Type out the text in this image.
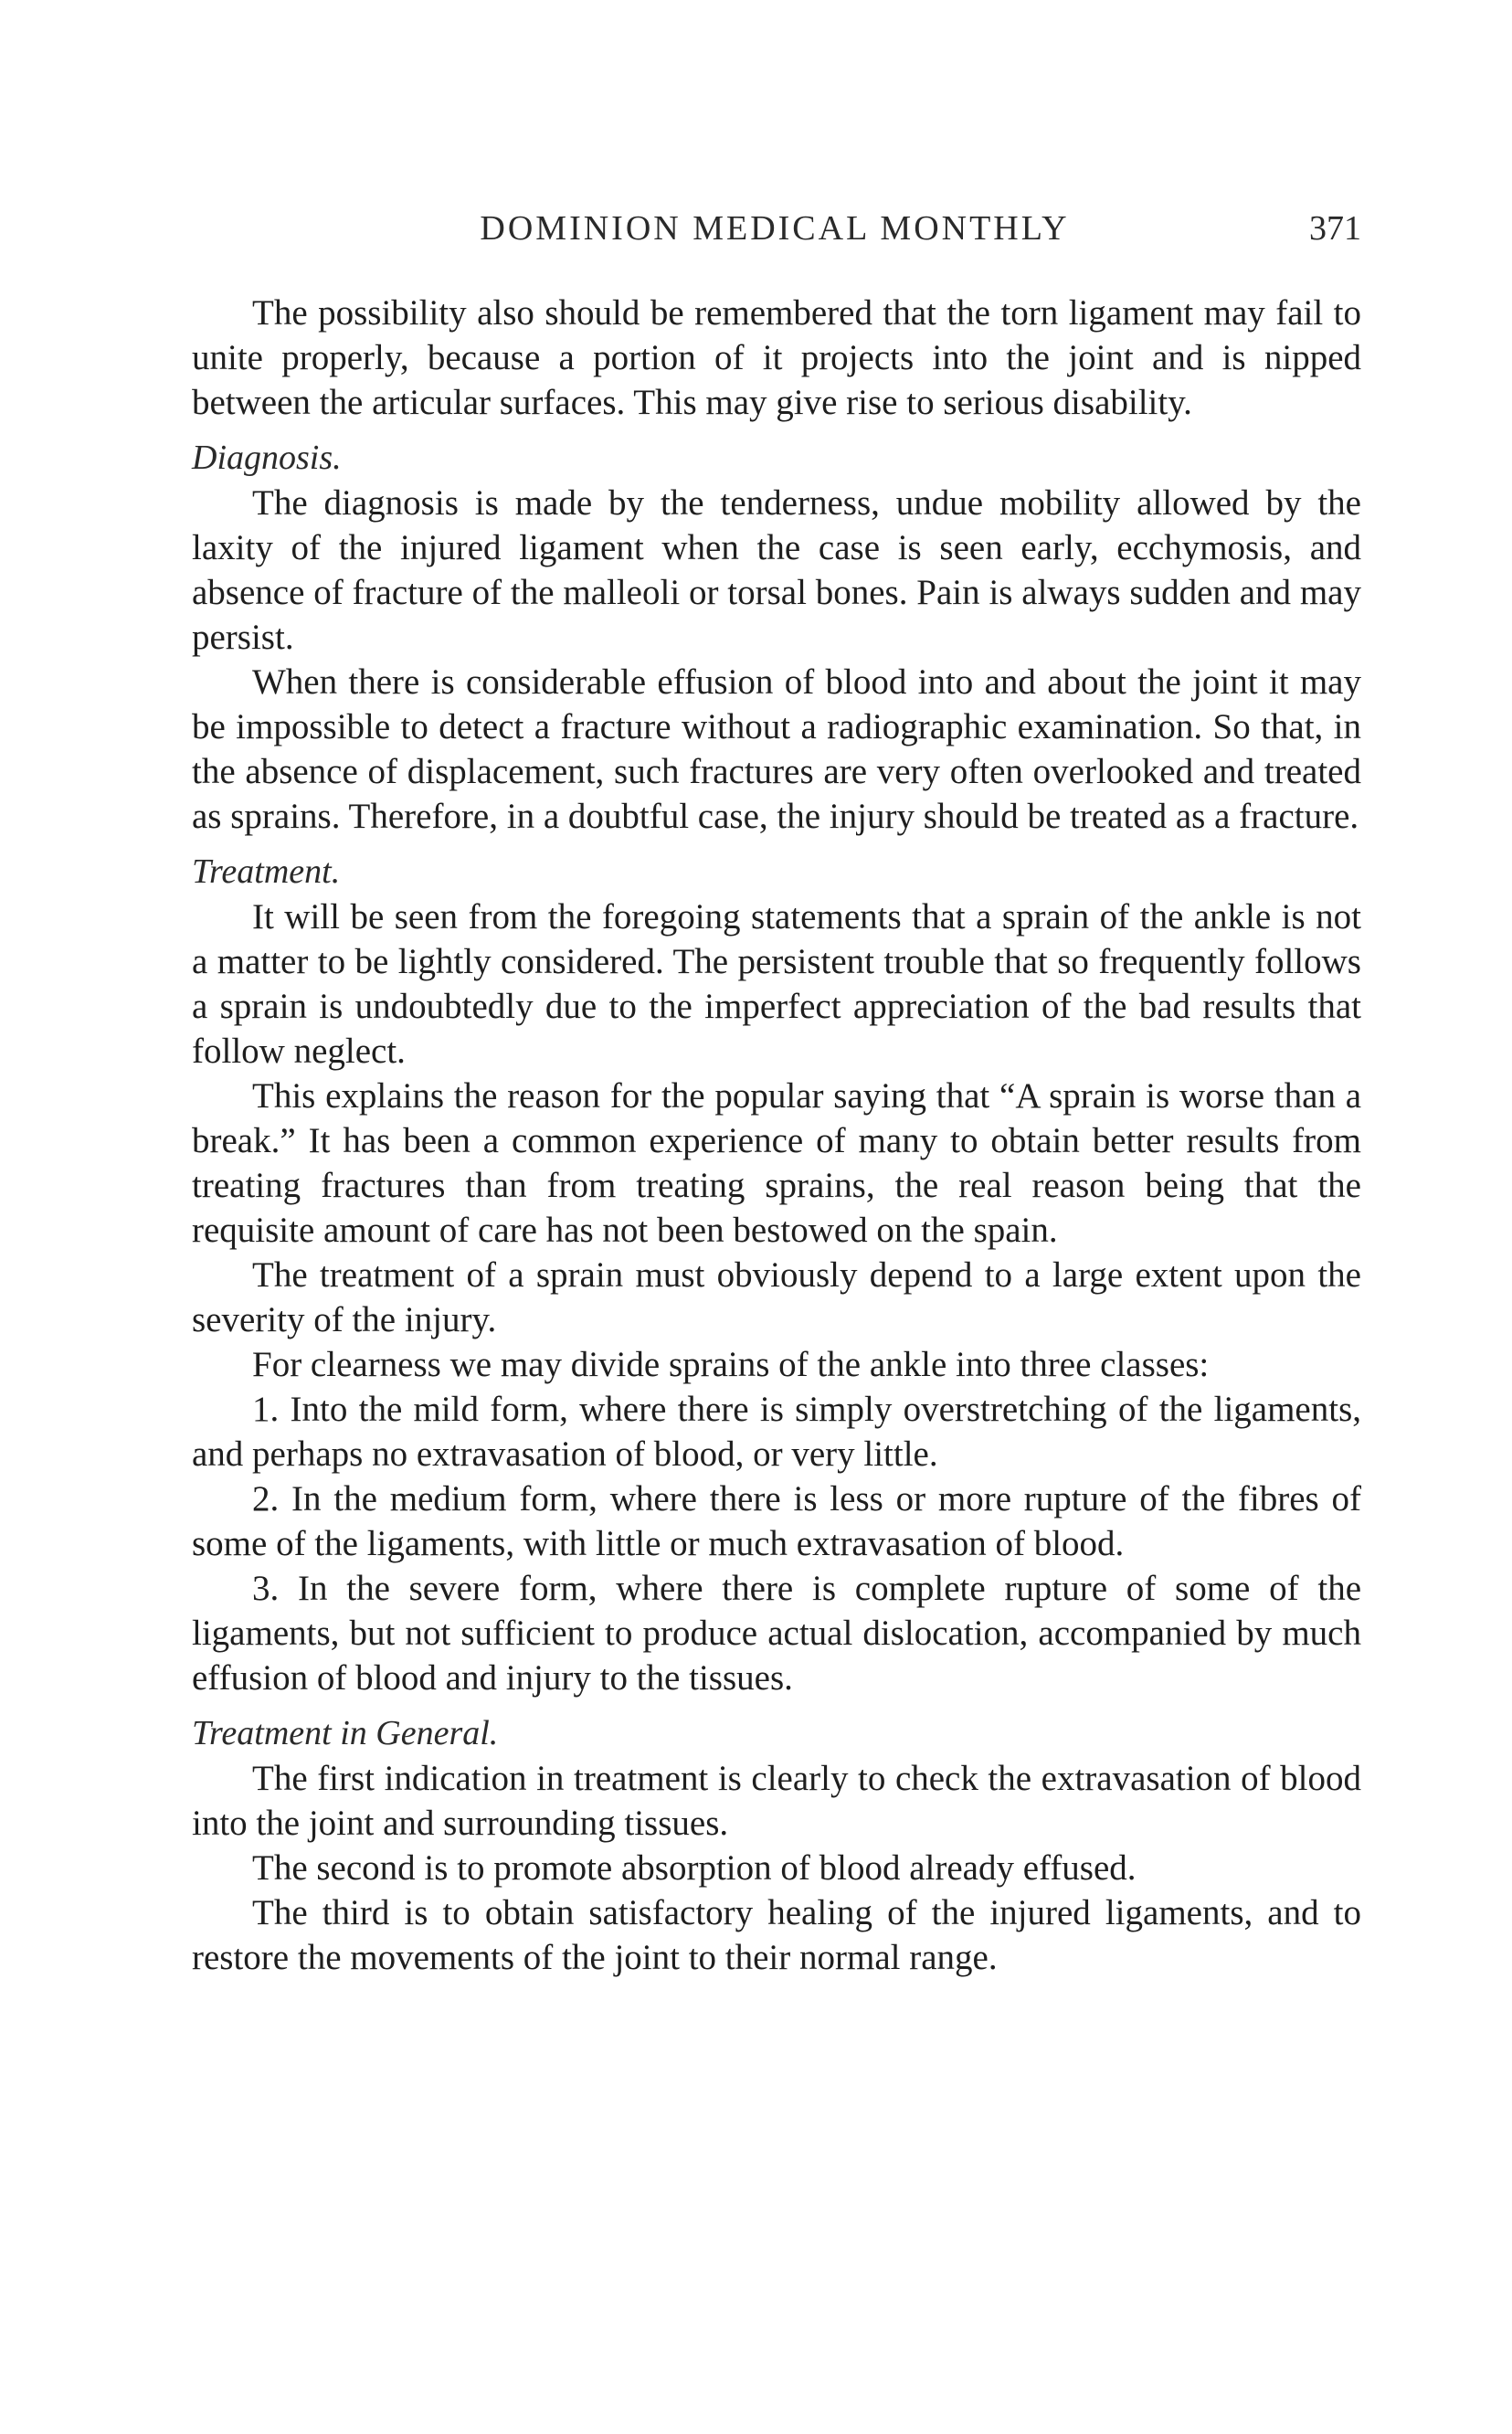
DOMINION MEDICAL MONTHLY	371

The possibility also should be remembered that the torn ligament may fail to unite properly, because a portion of it projects into the joint and is nipped between the articular surfaces. This may give rise to serious disability.

Diagnosis.

The diagnosis is made by the tenderness, undue mobility allowed by the laxity of the injured ligament when the case is seen early, ecchymosis, and absence of fracture of the malleoli or torsal bones. Pain is always sudden and may persist.

When there is considerable effusion of blood into and about the joint it may be impossible to detect a fracture without a radiographic examination. So that, in the absence of displacement, such fractures are very often overlooked and treated as sprains. Therefore, in a doubtful case, the injury should be treated as a fracture.

Treatment.

It will be seen from the foregoing statements that a sprain of the ankle is not a matter to be lightly considered. The persistent trouble that so frequently follows a sprain is undoubtedly due to the imperfect appreciation of the bad results that follow neglect.

This explains the reason for the popular saying that “A sprain is worse than a break.” It has been a common experience of many to obtain better results from treating fractures than from treating sprains, the real reason being that the requisite amount of care has not been bestowed on the spain.

The treatment of a sprain must obviously depend to a large extent upon the severity of the injury.

For clearness we may divide sprains of the ankle into three classes:

1. Into the mild form, where there is simply overstretching of the ligaments, and perhaps no extravasation of blood, or very little.

2. In the medium form, where there is less or more rupture of the fibres of some of the ligaments, with little or much extravasation of blood.

3. In the severe form, where there is complete rupture of some of the ligaments, but not sufficient to produce actual dislocation, accompanied by much effusion of blood and injury to the tissues.

Treatment in General.

The first indication in treatment is clearly to check the extravasation of blood into the joint and surrounding tissues.

The second is to promote absorption of blood already effused.

The third is to obtain satisfactory healing of the injured ligaments, and to restore the movements of the joint to their normal range.
